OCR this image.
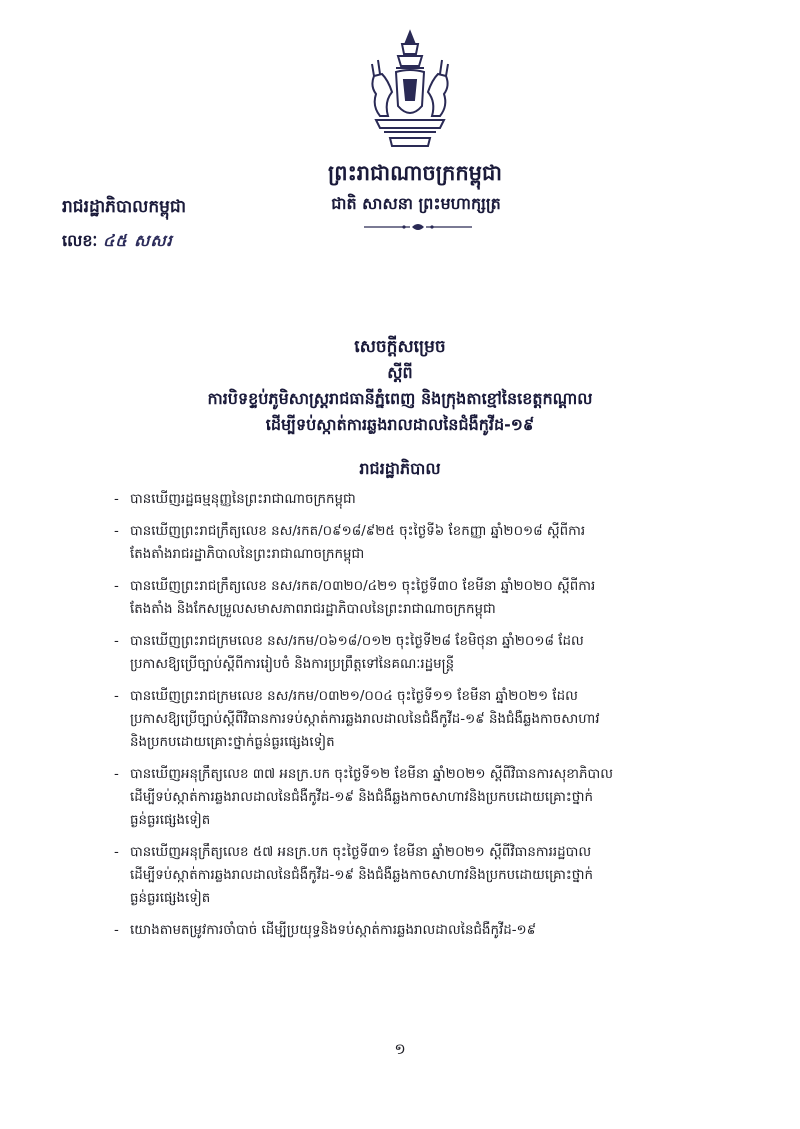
ព្រះរាជាណាចក្រកម្ពុជា
ជាតិ សាសនា ព្រះមហាក្សត្រ
រាជរដ្ឋាភិបាលកម្ពុជា
លេខៈ ៤៥ សសរ
សេចក្ដីសម្រេច
ស្ដីពី
ការបិទខ្ទប់ភូមិសាស្ត្ររាជធានីភ្នំពេញ និងក្រុងតាខ្មៅនៃខេត្តកណ្ដាល
ដើម្បីទប់ស្កាត់ការឆ្លងរាលដាលនៃជំងឺកូវីដ-១៩
រាជរដ្ឋាភិបាល
- បានឃើញរដ្ឋធម្មនុញ្ញនៃព្រះរាជាណាចក្រកម្ពុជា
- បានឃើញព្រះរាជក្រឹត្យលេខ នស/រកត/០៩១៨/៩២៥ ចុះថ្ងៃទី៦ ខែកញ្ញា ឆ្នាំ២០១៨ ស្ដីពីការ
តែងតាំងរាជរដ្ឋាភិបាលនៃព្រះរាជាណាចក្រកម្ពុជា
- បានឃើញព្រះរាជក្រឹត្យលេខ នស/រកត/០៣២០/៤២១ ចុះថ្ងៃទី៣០ ខែមីនា ឆ្នាំ២០២០ ស្ដីពីការ
តែងតាំង និងកែសម្រួលសមាសភាពរាជរដ្ឋាភិបាលនៃព្រះរាជាណាចក្រកម្ពុជា
- បានឃើញព្រះរាជក្រមលេខ នស/រកម/០៦១៨/០១២ ចុះថ្ងៃទី២៨ ខែមិថុនា ឆ្នាំ២០១៨ ដែល
ប្រកាសឱ្យប្រើច្បាប់ស្ដីពីការរៀបចំ និងការប្រព្រឹត្តទៅនៃគណៈរដ្ឋមន្ត្រី
- បានឃើញព្រះរាជក្រមលេខ នស/រកម/០៣២១/០០៤ ចុះថ្ងៃទី១១ ខែមីនា ឆ្នាំ២០២១ ដែល
ប្រកាសឱ្យប្រើច្បាប់ស្ដីពីវិធានការទប់ស្កាត់ការឆ្លងរាលដាលនៃជំងឺកូវីដ-១៩ និងជំងឺឆ្លងកាចសាហាវ
និងប្រកបដោយគ្រោះថ្នាក់ធ្ងន់ធ្ងរផ្សេងទៀត
- បានឃើញអនុក្រឹត្យលេខ ៣៧ អនក្រ.បក ចុះថ្ងៃទី១២ ខែមីនា ឆ្នាំ២០២១ ស្ដីពីវិធានការសុខាភិបាល
ដើម្បីទប់ស្កាត់ការឆ្លងរាលដាលនៃជំងឺកូវីដ-១៩ និងជំងឺឆ្លងកាចសាហាវនិងប្រកបដោយគ្រោះថ្នាក់
ធ្ងន់ធ្ងរផ្សេងទៀត
- បានឃើញអនុក្រឹត្យលេខ ៥៧ អនក្រ.បក ចុះថ្ងៃទី៣១ ខែមីនា ឆ្នាំ២០២១ ស្ដីពីវិធានការរដ្ឋបាល
ដើម្បីទប់ស្កាត់ការឆ្លងរាលដាលនៃជំងឺកូវីដ-១៩ និងជំងឺឆ្លងកាចសាហាវនិងប្រកបដោយគ្រោះថ្នាក់
ធ្ងន់ធ្ងរផ្សេងទៀត
- យោងតាមតម្រូវការចាំបាច់ ដើម្បីប្រយុទ្ធនិងទប់ស្កាត់ការឆ្លងរាលដាលនៃជំងឺកូវីដ-១៩
១
